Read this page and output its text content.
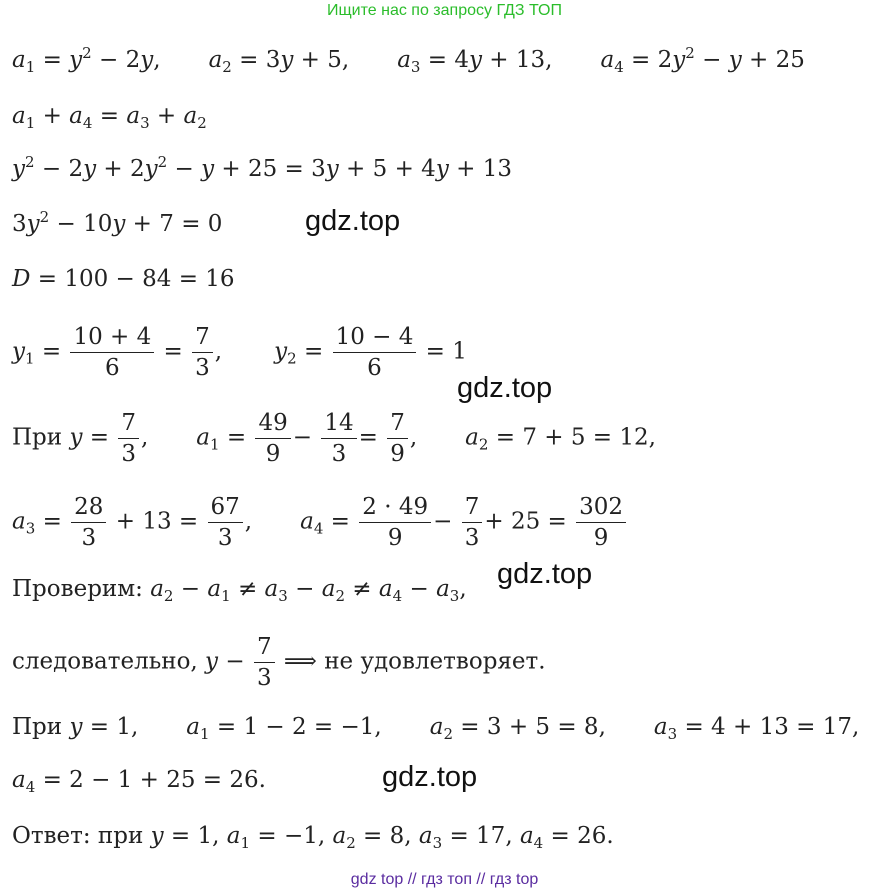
Ищите нас по запросу ГДЗ ТОП
$a_1 = y^2 - 2y$, $a_2 = 3y + 5$, $a_3 = 4y + 13$, $a_4 = 2y^2 - y + 25$
$a_1 + a_4 = a_3 + a_2$
$y^2 - 2y + 2y^2 - y + 25 = 3y + 5 + 4y + 13$
$3y^2 - 10y + 7 = 0$	gdz.top
D = 100 − 84 = 16
$y_1 = \frac{10 + 4}{6} = \frac{7}{3}$ , $y_2 = \frac{10 - 4}{6} = 1$
gdz.top
При $y = \frac{7}{3}$ , $a_1 = \frac{49}{9} - \frac{14}{3} = \frac{7}{9}$ , $a_2 = 7 + 5 = 12$,
$a_3 = \frac{28}{3} + 13 = \frac{67}{3}$ , $a_4 = \frac{2 \cdot 49}{9} - \frac{7}{3} + 25 = \frac{302}{9}$
Проверим: $a_2 - a_1 \ne a_3 - a_2 \ne a_4 - a_3$, gdz.top
следовательно, $y - \frac{7}{3}$ ⟹ не удовлетворяет.
При y = 1, $a_1 = 1 - 2 = -1$, $a_2 = 3 + 5 = 8$, $a_3 = 4 + 13 = 17$,
$a_4 = 2 - 1 + 25 = 26$.	gdz.top
Ответ: при y = 1, $a_1 = -1$, $a_2 = 8$, $a_3 = 17$, $a_4 = 26$.
gdz top // гдз топ // гдз top
